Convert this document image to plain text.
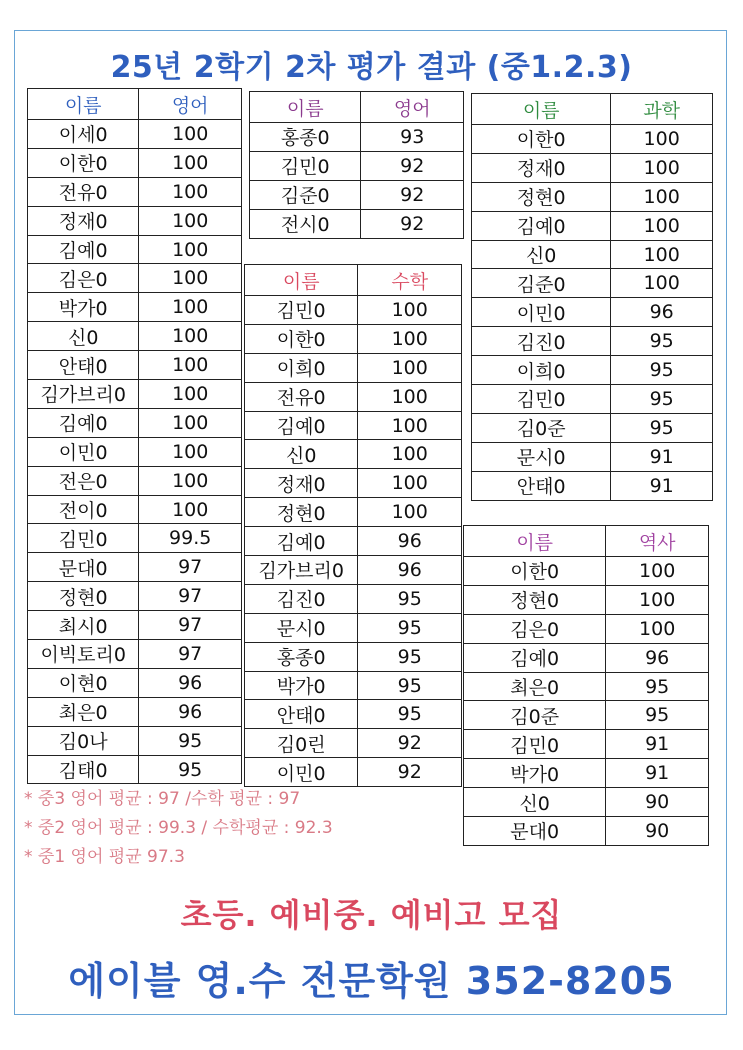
25년 2학기 2차 평가 결과 (중1.2.3)
이름	영어
이세0	100
이한0	100
전유0	100
정재0	100
김예0	100
김은0	100
박가0	100
신0	100
안태0	100
김가브리0	100
김예0	100
이민0	100
전은0	100
전이0	100
김민0	99.5
문대0	97
정현0	97
최시0	97
이빅토리0	97
이현0	96
최은0	96
김0나	95
김태0	95
이름	영어
홍종0	93
김민0	92
김준0	92
전시0	92
이름	수학
김민0	100
이한0	100
이희0	100
전유0	100
김예0	100
신0	100
정재0	100
정현0	100
김예0	96
김가브리0	96
김진0	95
문시0	95
홍종0	95
박가0	95
안태0	95
김0린	92
이민0	92
이름	과학
이한0	100
정재0	100
정현0	100
김예0	100
신0	100
김준0	100
이민0	96
김진0	95
이희0	95
김민0	95
김0준	95
문시0	91
안태0	91
이름	역사
이한0	100
정현0	100
김은0	100
김예0	96
최은0	95
김0준	95
김민0	91
박가0	91
신0	90
문대0	90
* 중3 영어 평균 : 97 /수학 평균 : 97
* 중2 영어 평균 : 99.3 / 수학평균 : 92.3
* 중1 영어 평균 97.3
초등. 예비중. 예비고 모집
에이블 영.수 전문학원 352-8205
